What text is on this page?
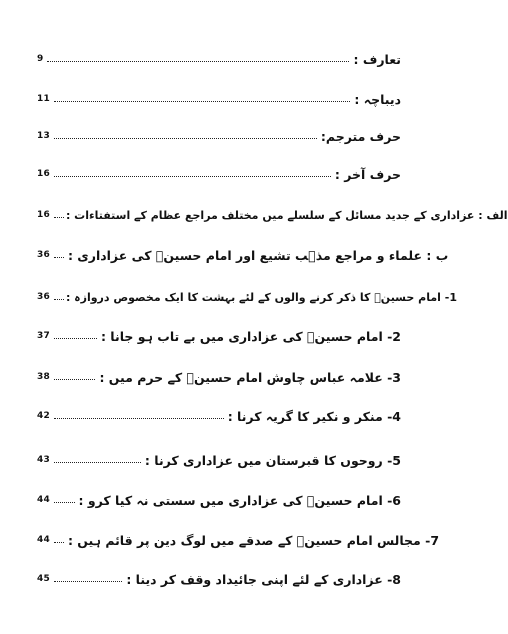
9	تعارف :
11	دیباچہ :
13	حرف مترجم:
16	حرف آخر :
16 الف : عزاداری کے جدید مسائل کے سلسلے میں مختلف مراجع عظام کے استفتاءات :
36 ب : علماء و مراجع مذہب تشیع اور امام حسینؑ کی عزاداری :
36 1- امام حسینؑ کا ذکر کرنے والوں کے لئے بہشت کا ایک مخصوص دروازہ :
37	2- امام حسینؑ کی عزاداری میں بے تاب ہو جانا :
38	3- علامہ عباس چاوش امام حسینؑ کے حرم میں :
42	4- منکر و نکیر کا گریہ کرنا :
43	5- روحوں کا قبرستان میں عزاداری کرنا :
44 6- امام حسینؑ کی عزاداری میں سستی نہ کیا کرو :
44 7- مجالس امام حسینؑ کے صدقے میں لوگ دین پر قائم ہیں :
45	8- عزاداری کے لئے اپنی جائیداد وقف کر دینا :
